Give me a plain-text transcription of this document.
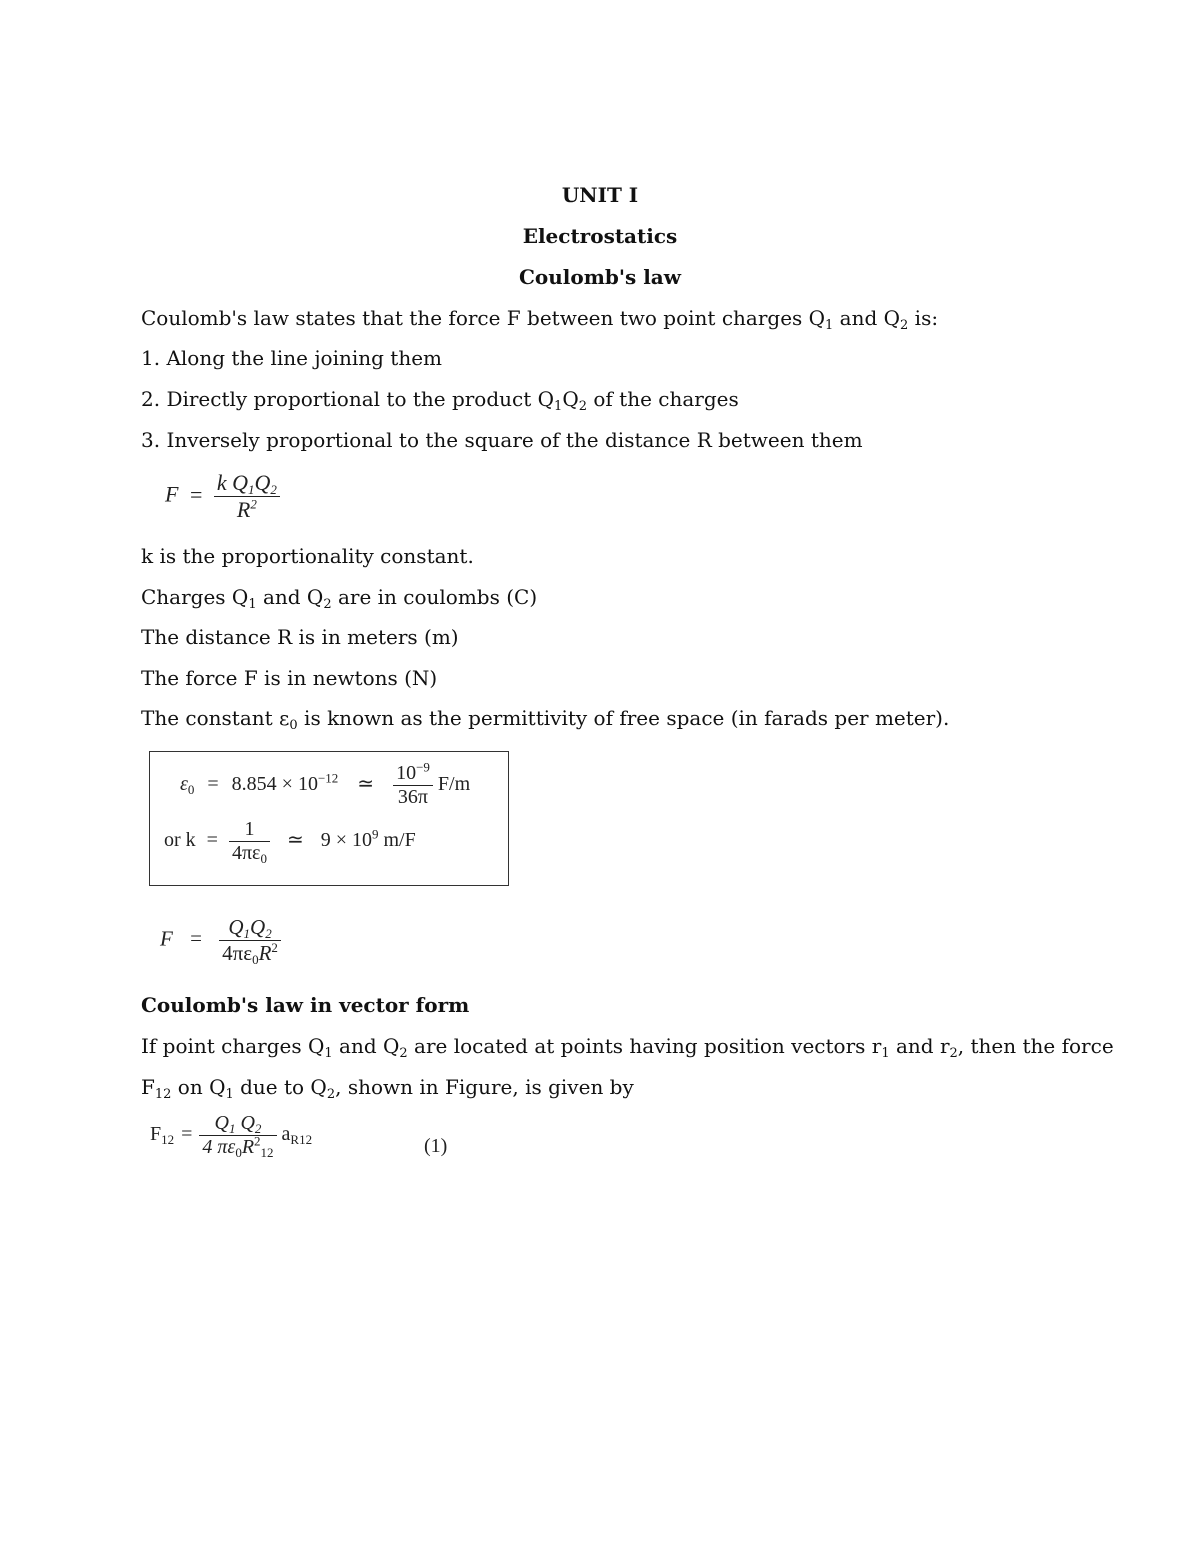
UNIT I
Electrostatics
Coulomb's law
Coulomb's law states that the force F between two point charges $Q_1$ and $Q_2$ is:
1. Along the line joining them
2. Directly proportional to the product $Q_1Q_2$ of the charges
3. Inversely proportional to the square of the distance R between them
$F = \frac{k Q_1Q_2}{R^2}$
k is the proportionality constant.
Charges $Q_1$ and $Q_2$ are in coulombs (C)
The distance R is in meters (m)
The force F is in newtons (N)
The constant $\varepsilon_0$ is known as the permittivity of free space (in farads per meter).
$\varepsilon_0 = 8.854 \times 10^{-12}$ ≃ $\frac{10^{-9}}{36\pi} F/m$
or $k = \frac{1}{4\pi\varepsilon_0}$ ≃ $9 \times 10^9$ m/F
$F = \frac{Q_1Q_2}{4\pi\varepsilon_0R^2}$
Coulomb's law in vector form
If point charges $Q_1$ and $Q_2$ are located at points having position vectors $r_1$ and $r_2$, then the force
$F_{12}$ on $Q_1$ due to $Q_2$, shown in Figure, is given by
$F_{12} = \frac{Q_1 Q_2}{4 \pi\varepsilon_0R^2_{12}} a_{R12}$	(1)
